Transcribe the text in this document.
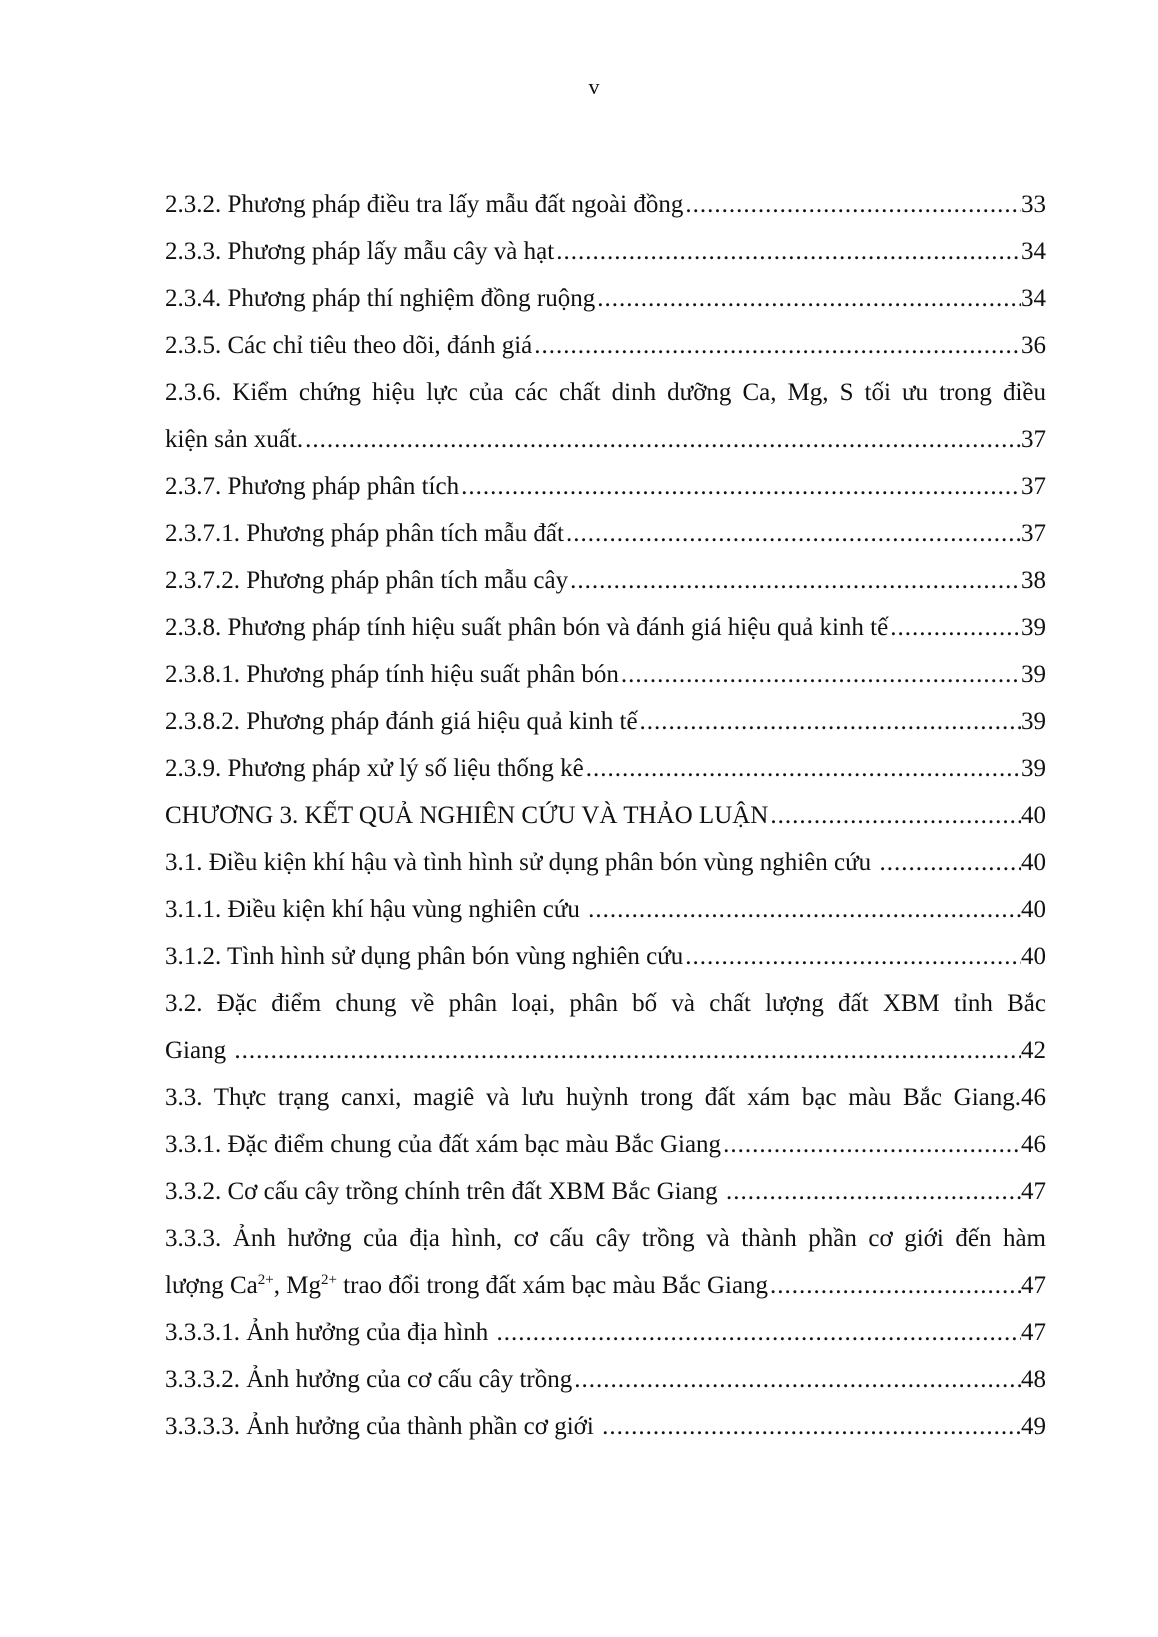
v
2.3.2. Phương pháp điều tra lấy mẫu đất ngoài đồng .....	33
2.3.3. Phương pháp lấy mẫu cây và hạt .....	34
2.3.4. Phương pháp thí nghiệm đồng ruộng .....	34
2.3.5. Các chỉ tiêu theo dõi, đánh giá .....	36
2.3.6. Kiểm chứng hiệu lực của các chất dinh dưỡng Ca, Mg, S tối ưu trong điều
kiện sản xuất. .....	37
2.3.7. Phương pháp phân tích .....	37
2.3.7.1. Phương pháp phân tích mẫu đất .....	37
2.3.7.2. Phương pháp phân tích mẫu cây .....	38
2.3.8. Phương pháp tính hiệu suất phân bón và đánh giá hiệu quả kinh tế .....	39
2.3.8.1. Phương pháp tính hiệu suất phân bón .....	39
2.3.8.2. Phương pháp đánh giá hiệu quả kinh tế .....	39
2.3.9. Phương pháp xử lý số liệu thống kê .....	39
CHƯƠNG 3. KẾT QUẢ NGHIÊN CỨU VÀ THẢO LUẬN .....	40
3.1. Điều kiện khí hậu và tình hình sử dụng phân bón vùng nghiên cứu .....	40
3.1.1. Điều kiện khí hậu vùng nghiên cứu .....	40
3.1.2. Tình hình sử dụng phân bón vùng nghiên cứu .....	40
3.2. Đặc điểm chung về phân loại, phân bố và chất lượng đất XBM tỉnh Bắc
Giang .....	42
3.3. Thực trạng canxi, magiê và lưu huỳnh trong đất xám bạc màu Bắc Giang. 46
3.3.1. Đặc điểm chung của đất xám bạc màu Bắc Giang .....	46
3.3.2. Cơ cấu cây trồng chính trên đất XBM Bắc Giang .....	47
3.3.3. Ảnh hưởng của địa hình, cơ cấu cây trồng và thành phần cơ giới đến hàm
lượng $Ca^{2+}$, $Mg^{2+}$ trao đổi trong đất xám bạc màu Bắc Giang .....	47
3.3.3.1. Ảnh hưởng của địa hình .....	47
3.3.3.2. Ảnh hưởng của cơ cấu cây trồng .....	48
3.3.3.3. Ảnh hưởng của thành phần cơ giới .....	49
